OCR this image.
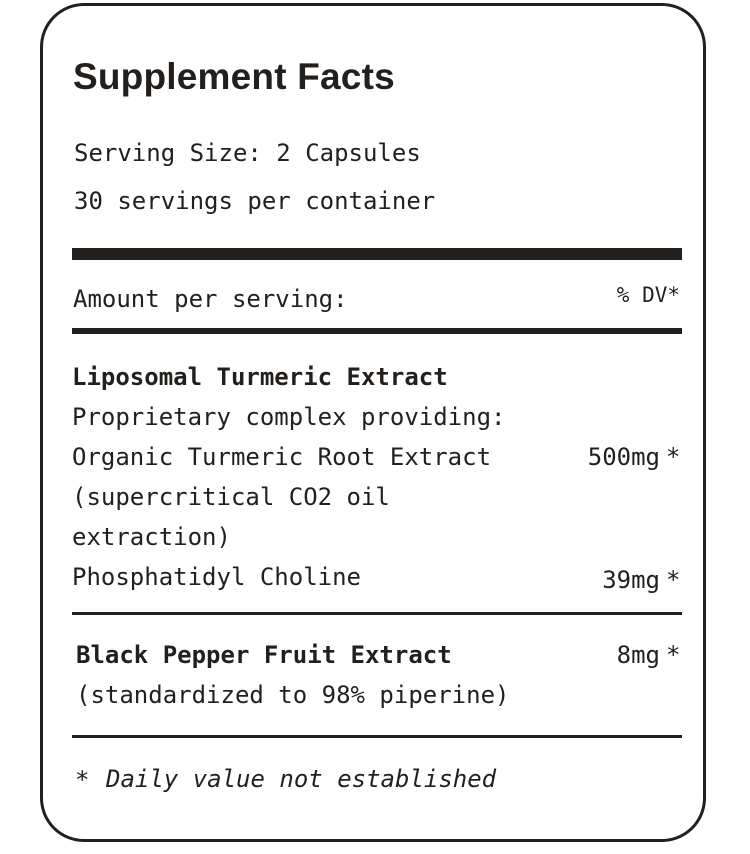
Supplement Facts
Serving Size: 2 Capsules
30 servings per container
Amount per serving:	% DV*
Liposomal Turmeric Extract
Proprietary complex providing:
Organic Turmeric Root Extract	500mg *
(supercritical CO2 oil
extraction)
Phosphatidyl Choline	39mg *
Black Pepper Fruit Extract	8mg *
(standardized to 98% piperine)
* Daily value not established
